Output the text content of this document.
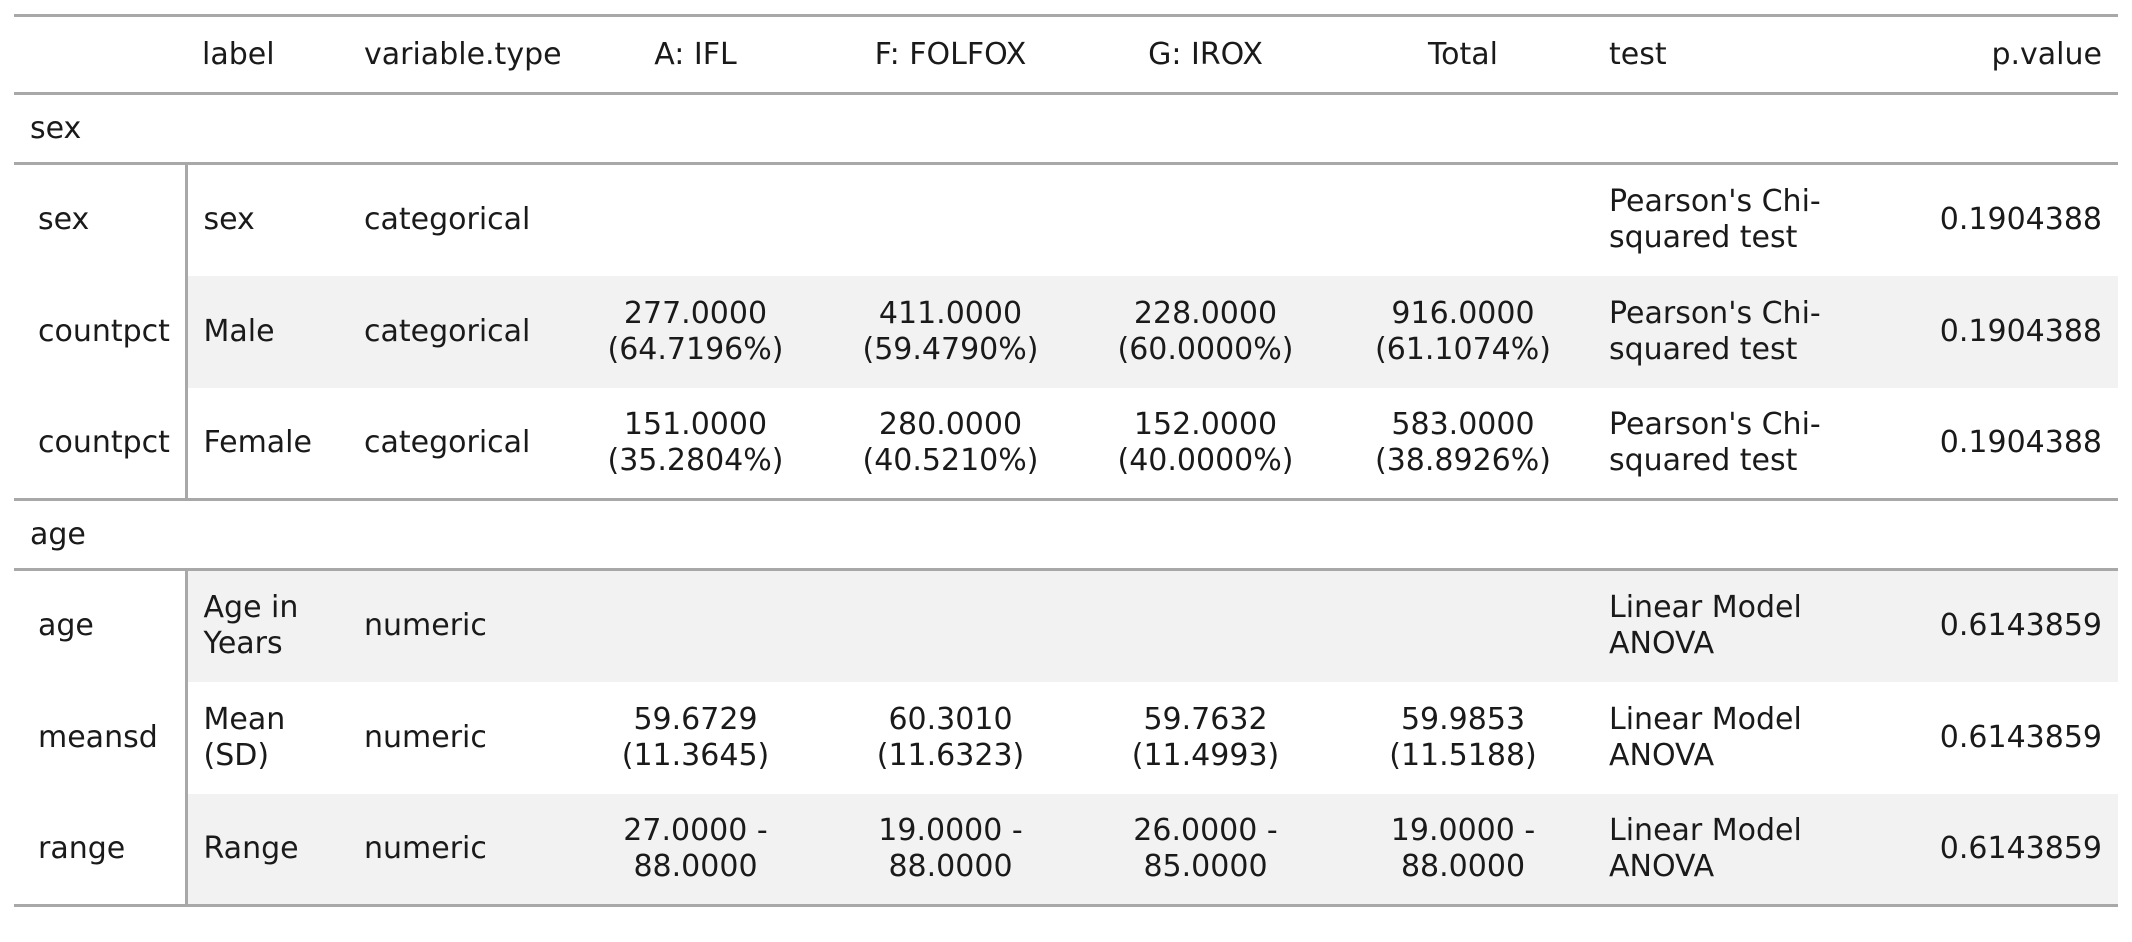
	label	variable.type	A: IFL	F: FOLFOX	G: IROX	Total	test	p.value
sex								
sex	sex	categorical					Pearson's Chi-squared test	0.1904388
countpct	Male	categorical	277.0000 (64.7196%)	411.0000 (59.4790%)	228.0000 (60.0000%)	916.0000 (61.1074%)	Pearson's Chi-squared test	0.1904388
countpct	Female	categorical	151.0000 (35.2804%)	280.0000 (40.5210%)	152.0000 (40.0000%)	583.0000 (38.8926%)	Pearson's Chi-squared test	0.1904388
age								
age	Age in Years	numeric					Linear Model ANOVA	0.6143859
meansd	Mean (SD)	numeric	59.6729 (11.3645)	60.3010 (11.6323)	59.7632 (11.4993)	59.9853 (11.5188)	Linear Model ANOVA	0.6143859
range	Range	numeric	27.0000 - 88.0000	19.0000 - 88.0000	26.0000 - 85.0000	19.0000 - 88.0000	Linear Model ANOVA	0.6143859
